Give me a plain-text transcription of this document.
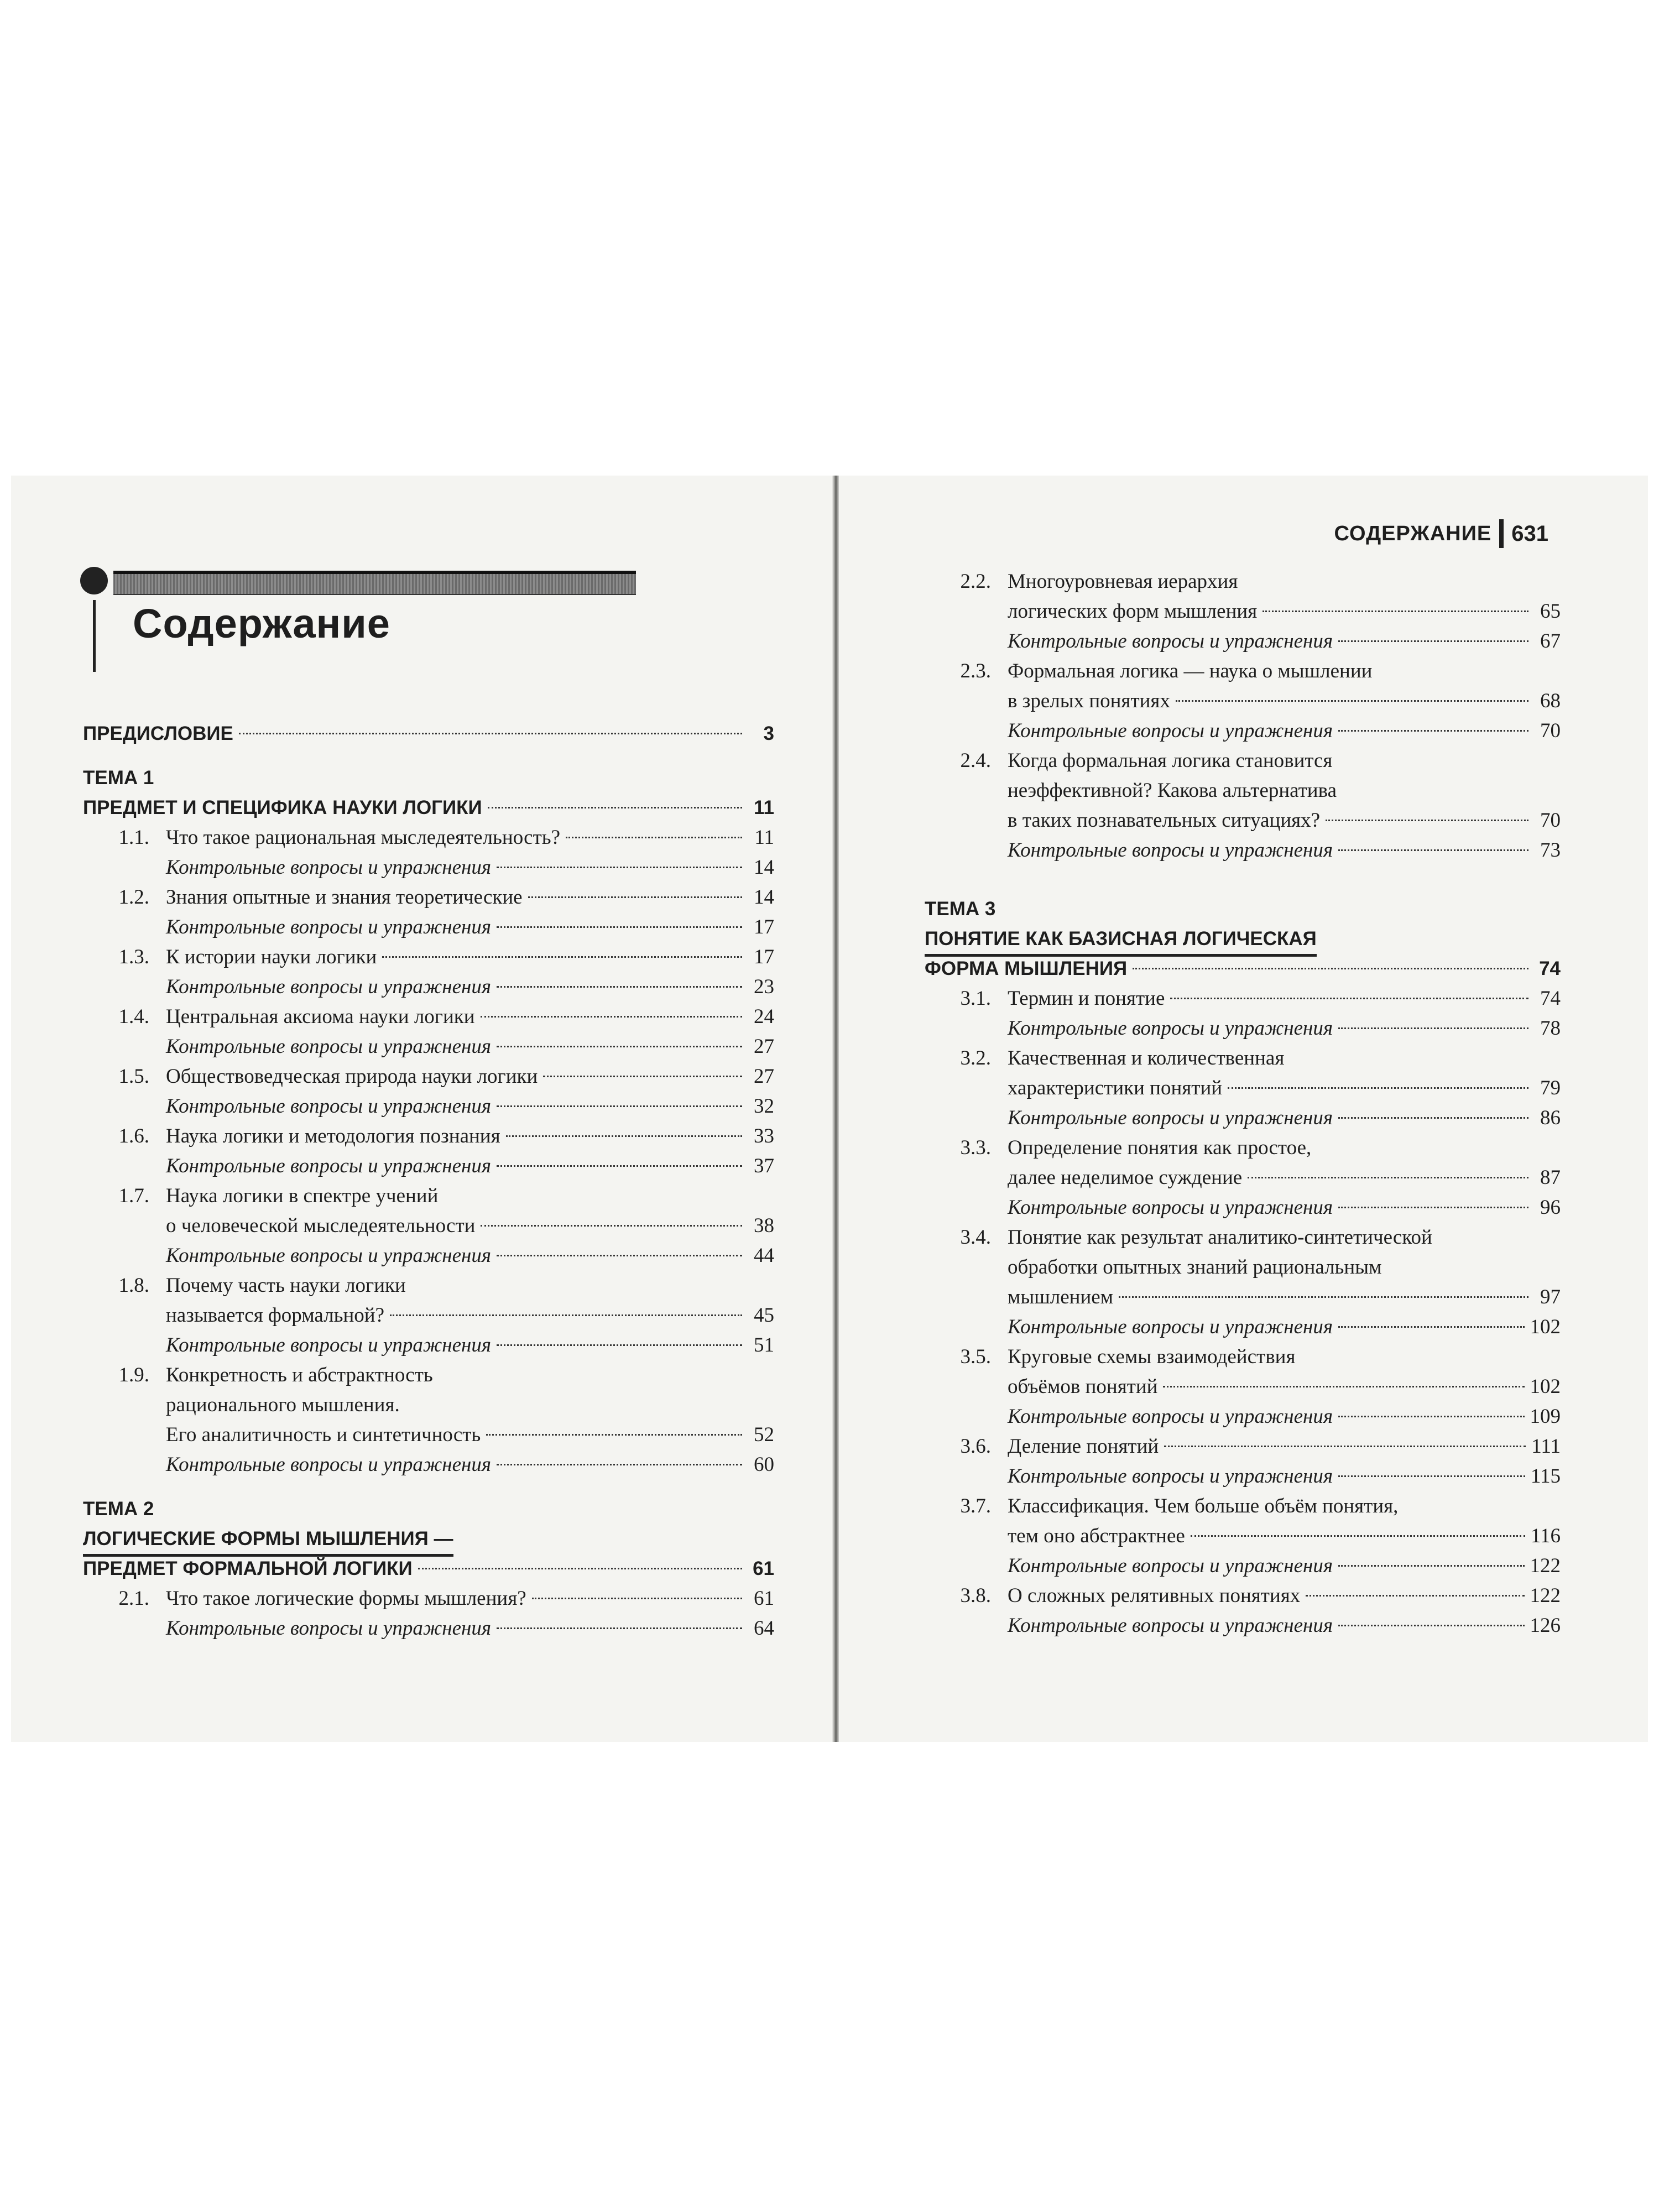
Содержание
ПРЕДИСЛОВИЕ	3
ТЕМА 1
ПРЕДМЕТ И СПЕЦИФИКА НАУКИ ЛОГИКИ	11
1.1. Что такое рациональная мыследеятельность?	11
Контрольные вопросы и упражнения	14
1.2. Знания опытные и знания теоретические	14
Контрольные вопросы и упражнения	17
1.3. К истории науки логики	17
Контрольные вопросы и упражнения	23
1.4. Центральная аксиома науки логики	24
Контрольные вопросы и упражнения	27
1.5. Обществоведческая природа науки логики	27
Контрольные вопросы и упражнения	32
1.6. Наука логики и методология познания	33
Контрольные вопросы и упражнения	37
1.7. Наука логики в спектре учений
о человеческой мыследеятельности	38
Контрольные вопросы и упражнения	44
1.8. Почему часть науки логики
называется формальной?	45
Контрольные вопросы и упражнения	51
1.9. Конкретность и абстрактность
рационального мышления.
Его аналитичность и синтетичность	52
Контрольные вопросы и упражнения	60
ТЕМА 2
ЛОГИЧЕСКИЕ ФОРМЫ МЫШЛЕНИЯ —
ПРЕДМЕТ ФОРМАЛЬНОЙ ЛОГИКИ	61
2.1. Что такое логические формы мышления?	61
Контрольные вопросы и упражнения	64
СОДЕРЖАНИЕ 631
2.2. Многоуровневая иерархия
логических форм мышления	65
Контрольные вопросы и упражнения	67
2.3. Формальная логика — наука о мышлении
в зрелых понятиях	68
Контрольные вопросы и упражнения	70
2.4. Когда формальная логика становится
неэффективной? Какова альтернатива
в таких познавательных ситуациях?	70
Контрольные вопросы и упражнения	73
ТЕМА 3
ПОНЯТИЕ КАК БАЗИСНАЯ ЛОГИЧЕСКАЯ
ФОРМА МЫШЛЕНИЯ	74
3.1. Термин и понятие	74
Контрольные вопросы и упражнения	78
3.2. Качественная и количественная
характеристики понятий	79
Контрольные вопросы и упражнения	86
3.3. Определение понятия как простое,
далее неделимое суждение	87
Контрольные вопросы и упражнения	96
3.4. Понятие как результат аналитико-синтетической
обработки опытных знаний рациональным
мышлением	97
Контрольные вопросы и упражнения	102
3.5. Круговые схемы взаимодействия
объёмов понятий	102
Контрольные вопросы и упражнения	109
3.6. Деление понятий	111
Контрольные вопросы и упражнения	115
3.7. Классификация. Чем больше объём понятия,
тем оно абстрактнее	116
Контрольные вопросы и упражнения	122
3.8. О сложных релятивных понятиях	122
Контрольные вопросы и упражнения	126
